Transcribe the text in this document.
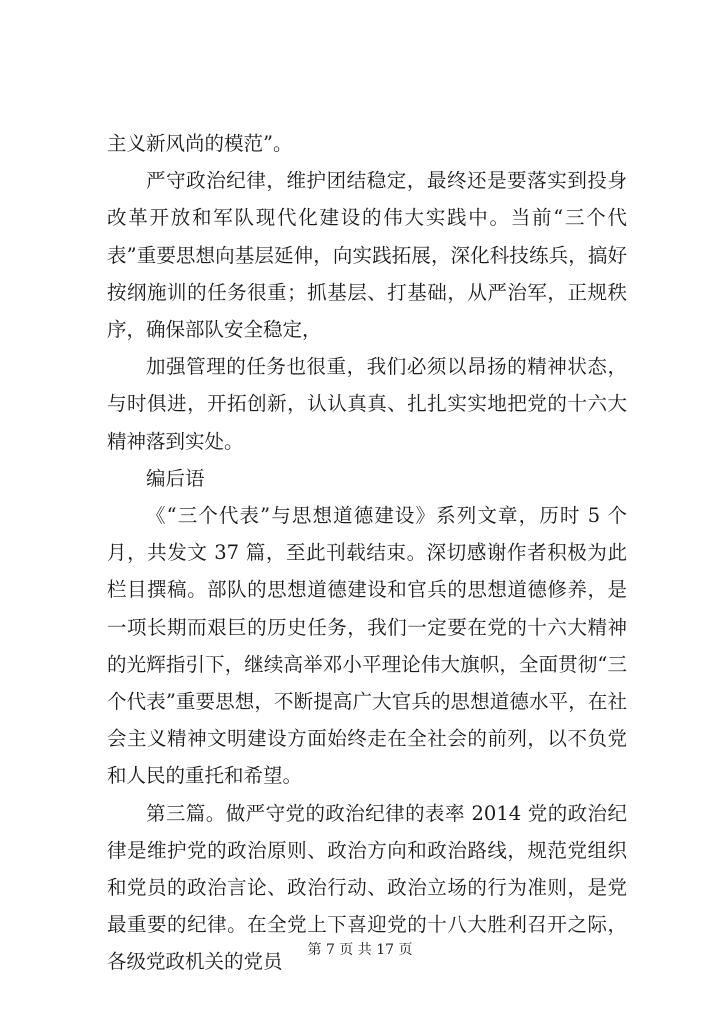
主义新风尚的模范”。

严守政治纪律，维护团结稳定，最终还是要落实到投身改革开放和军队现代化建设的伟大实践中。当前“三个代表”重要思想向基层延伸，向实践拓展，深化科技练兵，搞好按纲施训的任务很重；抓基层、打基础，从严治军，正规秩序，确保部队安全稳定，

加强管理的任务也很重，我们必须以昂扬的精神状态，与时俱进，开拓创新，认认真真、扎扎实实地把党的十六大精神落到实处。

编后语

《“三个代表”与思想道德建设》系列文章，历时 5 个月，共发文 37 篇，至此刊载结束。深切感谢作者积极为此栏目撰稿。部队的思想道德建设和官兵的思想道德修养，是一项长期而艰巨的历史任务，我们一定要在党的十六大精神的光辉指引下，继续高举邓小平理论伟大旗帜，全面贯彻“三个代表”重要思想，不断提高广大官兵的思想道德水平，在社会主义精神文明建设方面始终走在全社会的前列，以不负党和人民的重托和希望。

第三篇。做严守党的政治纪律的表率 2014 党的政治纪律是维护党的政治原则、政治方向和政治路线，规范党组织和党员的政治言论、政治行动、政治立场的行为准则，是党最重要的纪律。在全党上下喜迎党的十八大胜利召开之际，各级党政机关的党员

第 7 页 共 17 页
